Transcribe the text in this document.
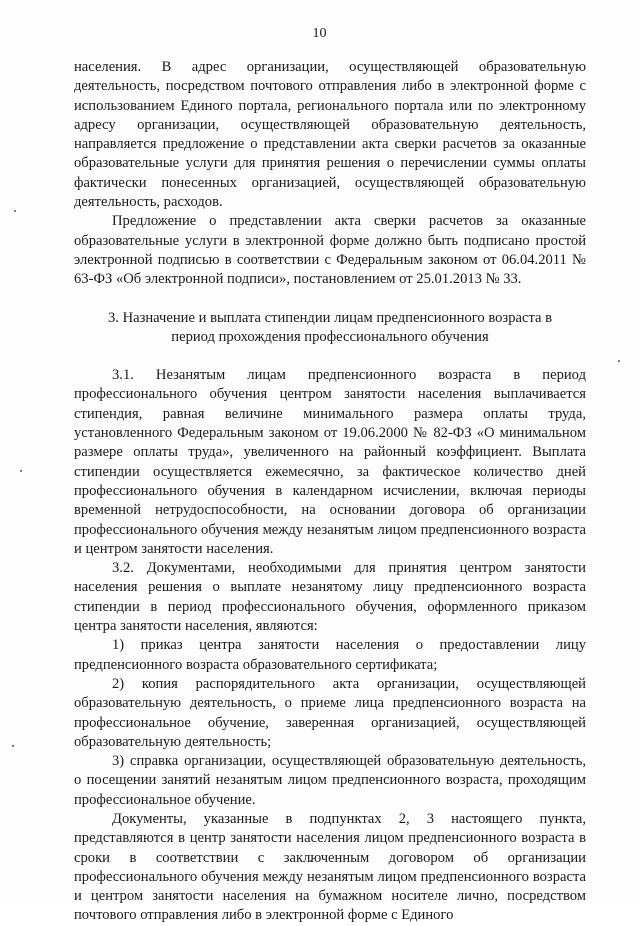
10

населения. В адрес организации, осуществляющей образовательную деятельность, посредством почтового отправления либо в электронной форме с использованием Единого портала, регионального портала или по электронному адресу организации, осуществляющей образовательную деятельность, направляется предложение о представлении акта сверки расчетов за оказанные образовательные услуги для принятия решения о перечислении суммы оплаты фактически понесенных организацией, осуществляющей образовательную деятельность, расходов.

Предложение о представлении акта сверки расчетов за оказанные образовательные услуги в электронной форме должно быть подписано простой электронной подписью в соответствии с Федеральным законом от 06.04.2011 № 63-ФЗ «Об электронной подписи», постановлением от 25.01.2013 № 33.

3. Назначение и выплата стипендии лицам предпенсионного возраста в период прохождения профессионального обучения

3.1. Незанятым лицам предпенсионного возраста в период профессионального обучения центром занятости населения выплачивается стипендия, равная величине минимального размера оплаты труда, установленного Федеральным законом от 19.06.2000 № 82-ФЗ «О минимальном размере оплаты труда», увеличенного на районный коэффициент. Выплата стипендии осуществляется ежемесячно, за фактическое количество дней профессионального обучения в календарном исчислении, включая периоды временной нетрудоспособности, на основании договора об организации профессионального обучения между незанятым лицом предпенсионного возраста и центром занятости населения.

3.2. Документами, необходимыми для принятия центром занятости населения решения о выплате незанятому лицу предпенсионного возраста стипендии в период профессионального обучения, оформленного приказом центра занятости населения, являются:

1) приказ центра занятости населения о предоставлении лицу предпенсионного возраста образовательного сертификата;

2) копия распорядительного акта организации, осуществляющей образовательную деятельность, о приеме лица предпенсионного возраста на профессиональное обучение, заверенная организацией, осуществляющей образовательную деятельность;

3) справка организации, осуществляющей образовательную деятельность, о посещении занятий незанятым лицом предпенсионного возраста, проходящим профессиональное обучение.

Документы, указанные в подпунктах 2, 3 настоящего пункта, представляются в центр занятости населения лицом предпенсионного возраста в сроки в соответствии с заключенным договором об организации профессионального обучения между незанятым лицом предпенсионного возраста и центром занятости населения на бумажном носителе лично, посредством почтового отправления либо в электронной форме с Единого
